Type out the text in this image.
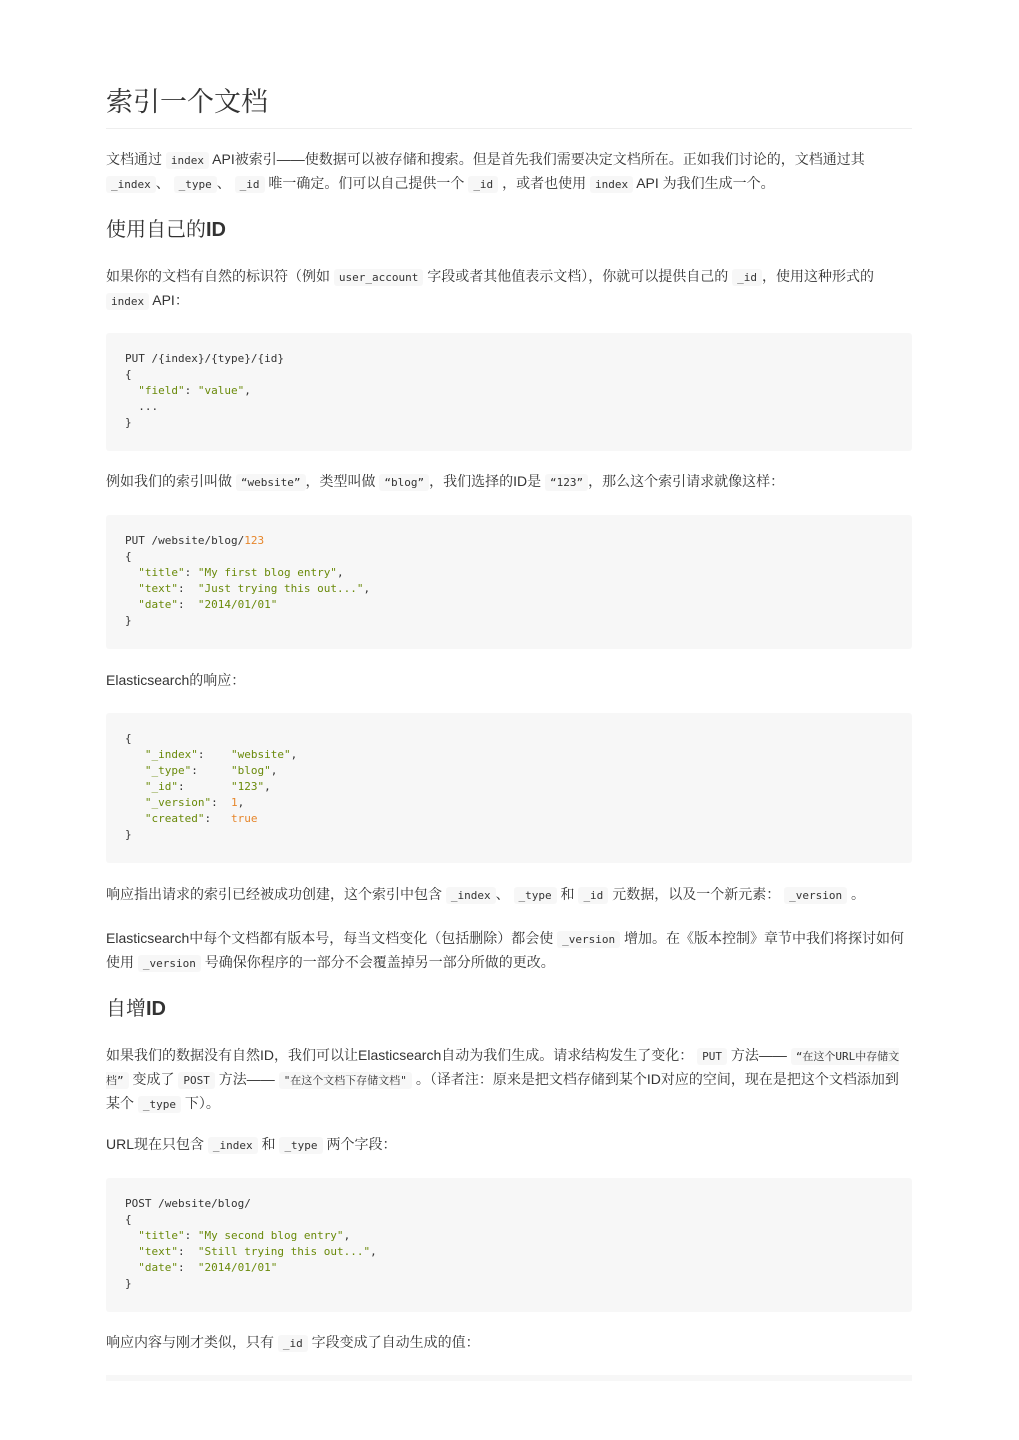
索引一个文档

文档通过 index API被索引——使数据可以被存储和搜索。但是首先我们需要决定文档所在。正如我们讨论的，文档通过其 _index 、 _type 、 _id 唯一确定。们可以自己提供一个 _id ，或者也使用 index API 为我们生成一个。

使用自己的ID

如果你的文档有自然的标识符（例如 user_account 字段或者其他值表示文档），你就可以提供自己的 _id ，使用这种形式的 index API：

PUT /{index}/{type}/{id}
{
"field": "value",
...
}

例如我们的索引叫做 “website” ，类型叫做 “blog” ，我们选择的ID是 “123” ，那么这个索引请求就像这样：

PUT /website/blog/123
{
"title": "My first blog entry",
"text":  "Just trying this out...",
"date":  "2014/01/01"
}

Elasticsearch的响应：

{
"_index":    "website",
"_type":     "blog",
"_id":       "123",
"_version":  1,
"created":   true
}

响应指出请求的索引已经被成功创建，这个索引中包含 _index 、 _type 和 _id 元数据，以及一个新元素： _version 。

Elasticsearch中每个文档都有版本号，每当文档变化（包括删除）都会使 _version 增加。在《版本控制》章节中我们将探讨如何使用 _version 号确保你程序的一部分不会覆盖掉另一部分所做的更改。

自增ID

如果我们的数据没有自然ID，我们可以让Elasticsearch自动为我们生成。请求结构发生了变化： PUT 方法—— “在这个URL中存储文档” 变成了 POST 方法—— "在这个文档下存储文档" 。（译者注：原来是把文档存储到某个ID对应的空间，现在是把这个文档添加到某个 _type 下）。

URL现在只包含 _index 和 _type 两个字段：

POST /website/blog/
{
"title": "My second blog entry",
"text":  "Still trying this out...",
"date":  "2014/01/01"
}

响应内容与刚才类似，只有 _id 字段变成了自动生成的值：
